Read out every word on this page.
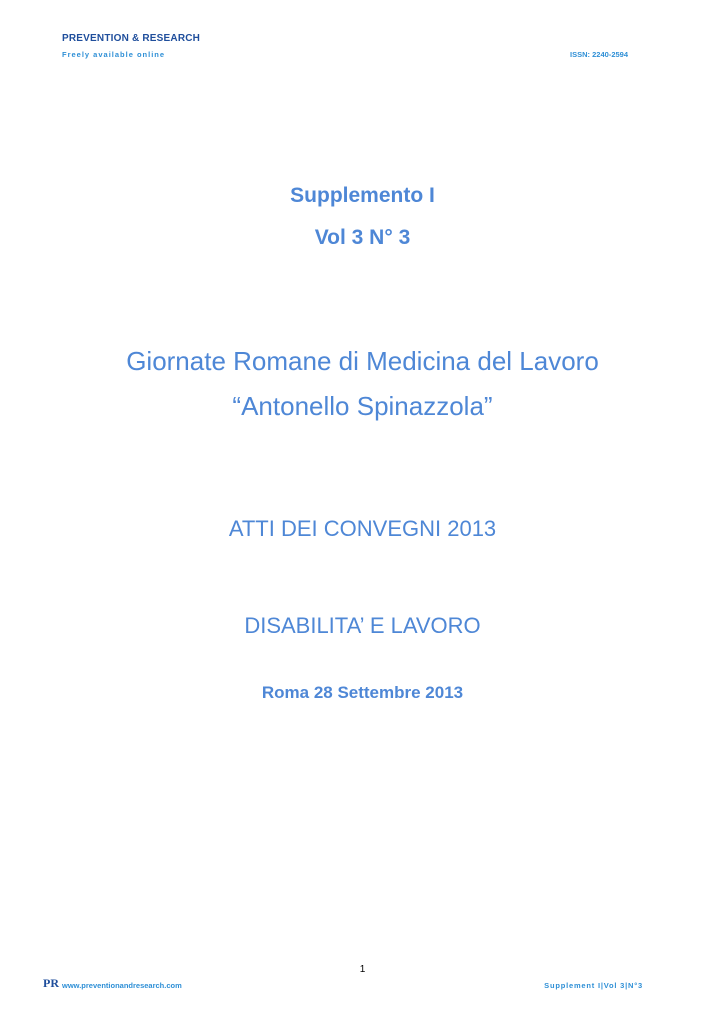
PREVENTION & RESEARCH
Freely available online	ISSN: 2240-2594
Supplemento I
Vol 3 N° 3
Giornate Romane di Medicina del Lavoro
“Antonello Spinazzola”
ATTI DEI CONVEGNI 2013
DISABILITA’ E LAVORO
Roma 28 Settembre 2013
1
PR www.preventionandresearch.com	Supplement I|Vol 3|N°3
